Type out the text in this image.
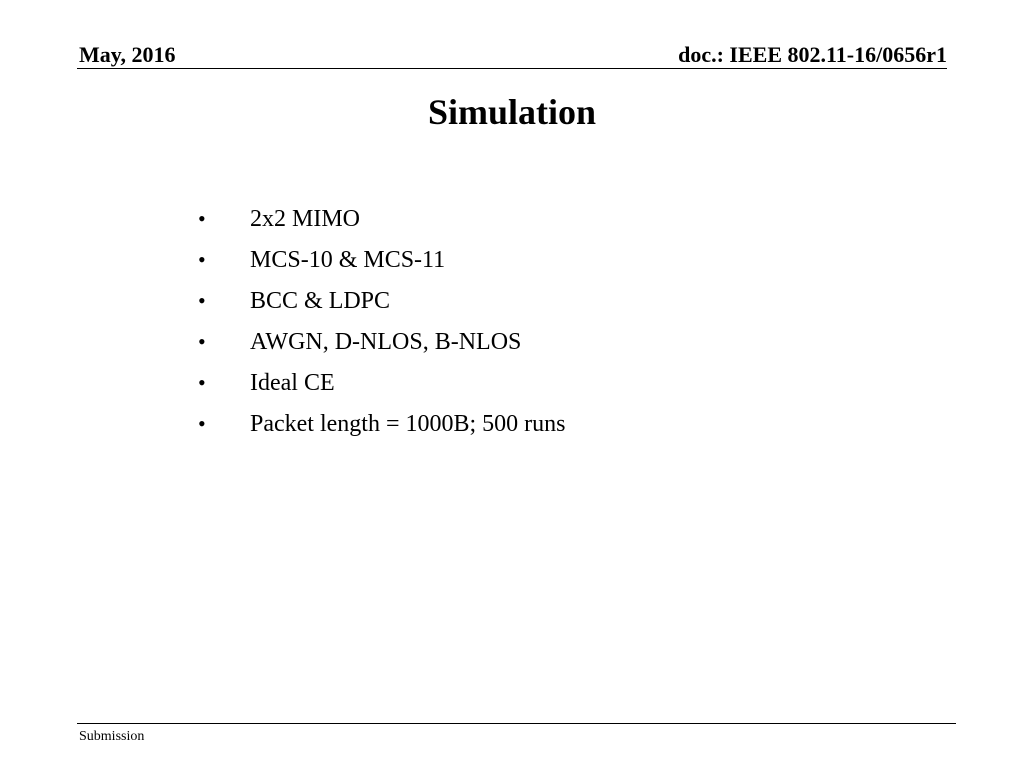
May, 2016	doc.: IEEE 802.11-16/0656r1
Simulation
•	2x2 MIMO
•	MCS-10 & MCS-11
•	BCC & LDPC
•	AWGN, D-NLOS, B-NLOS
•	Ideal CE
•	Packet length = 1000B; 500 runs
Submission
